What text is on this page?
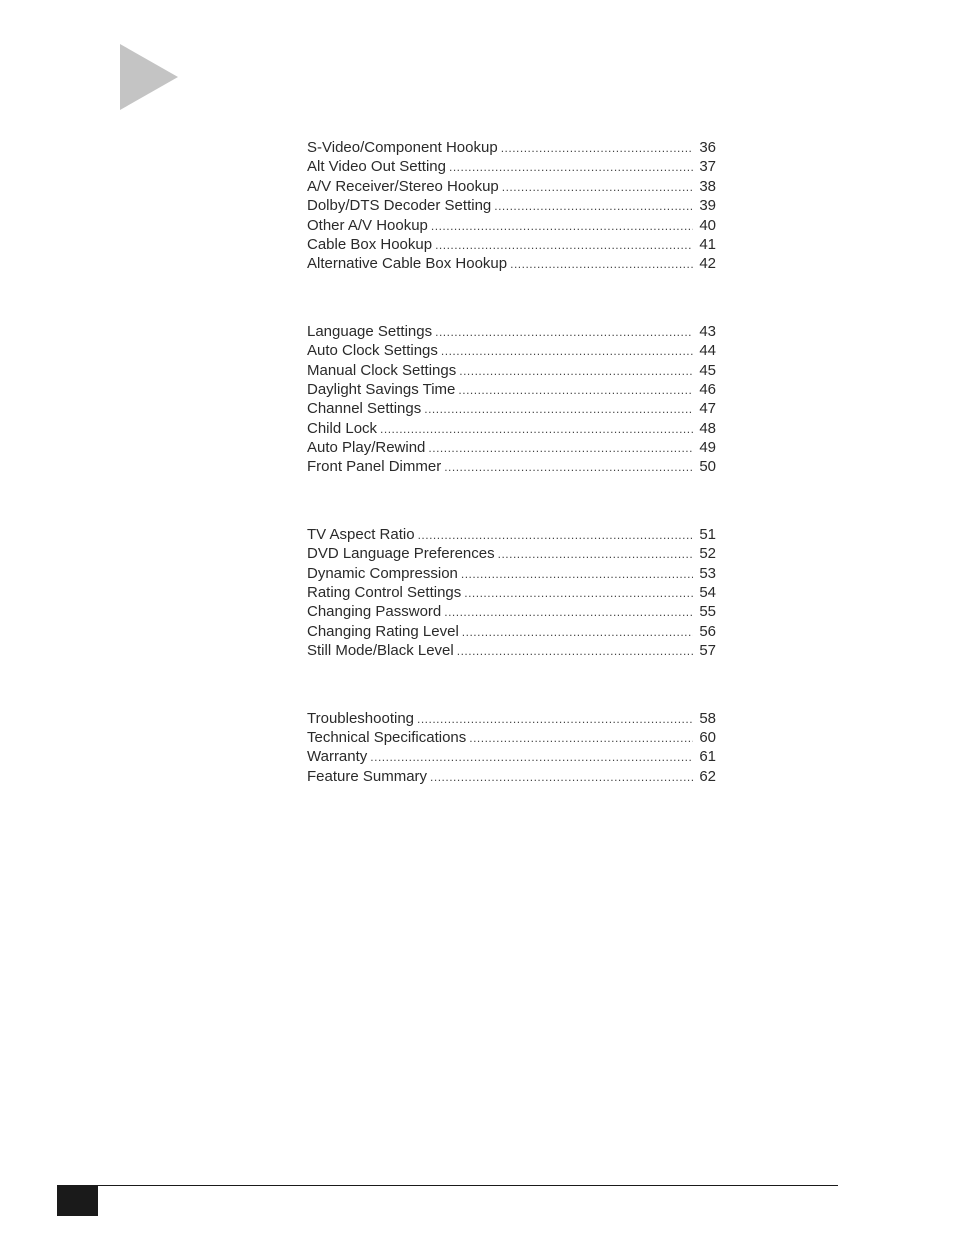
S-Video/Component Hookup .....	36
Alt Video Out Setting .....	37
A/V Receiver/Stereo Hookup .....	38
Dolby/DTS Decoder Setting .....	39
Other A/V Hookup .....	40
Cable Box Hookup .....	41
Alternative Cable Box Hookup .....	42
Language Settings .....	43
Auto Clock Settings .....	44
Manual Clock Settings .....	45
Daylight Savings Time .....	46
Channel Settings .....	47
Child Lock .....	48
Auto Play/Rewind .....	49
Front Panel Dimmer .....	50
TV Aspect Ratio .....	51
DVD Language Preferences .....	52
Dynamic Compression .....	53
Rating Control Settings .....	54
Changing Password .....	55
Changing Rating Level .....	56
Still Mode/Black Level .....	57
Troubleshooting .....	58
Technical Specifications .....	60
Warranty .....	61
Feature Summary .....	62
